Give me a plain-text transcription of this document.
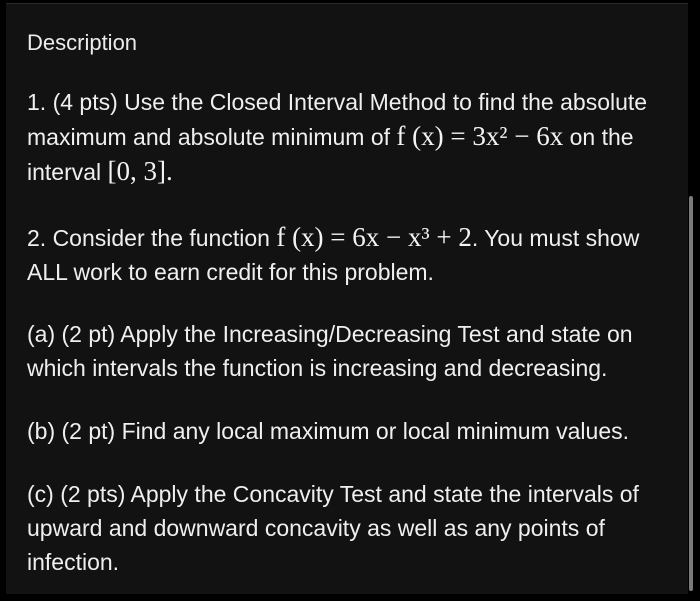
Description

1. (4 pts) Use the Closed Interval Method to find the absolute maximum and absolute minimum of f (x) = 3x² − 6x on the interval [0, 3].

2. Consider the function f (x) = 6x − x³ + 2. You must show ALL work to earn credit for this problem.

(a) (2 pt) Apply the Increasing/Decreasing Test and state on which intervals the function is increasing and decreasing.

(b) (2 pt) Find any local maximum or local minimum values.

(c) (2 pts) Apply the Concavity Test and state the intervals of upward and downward concavity as well as any points of infection.
